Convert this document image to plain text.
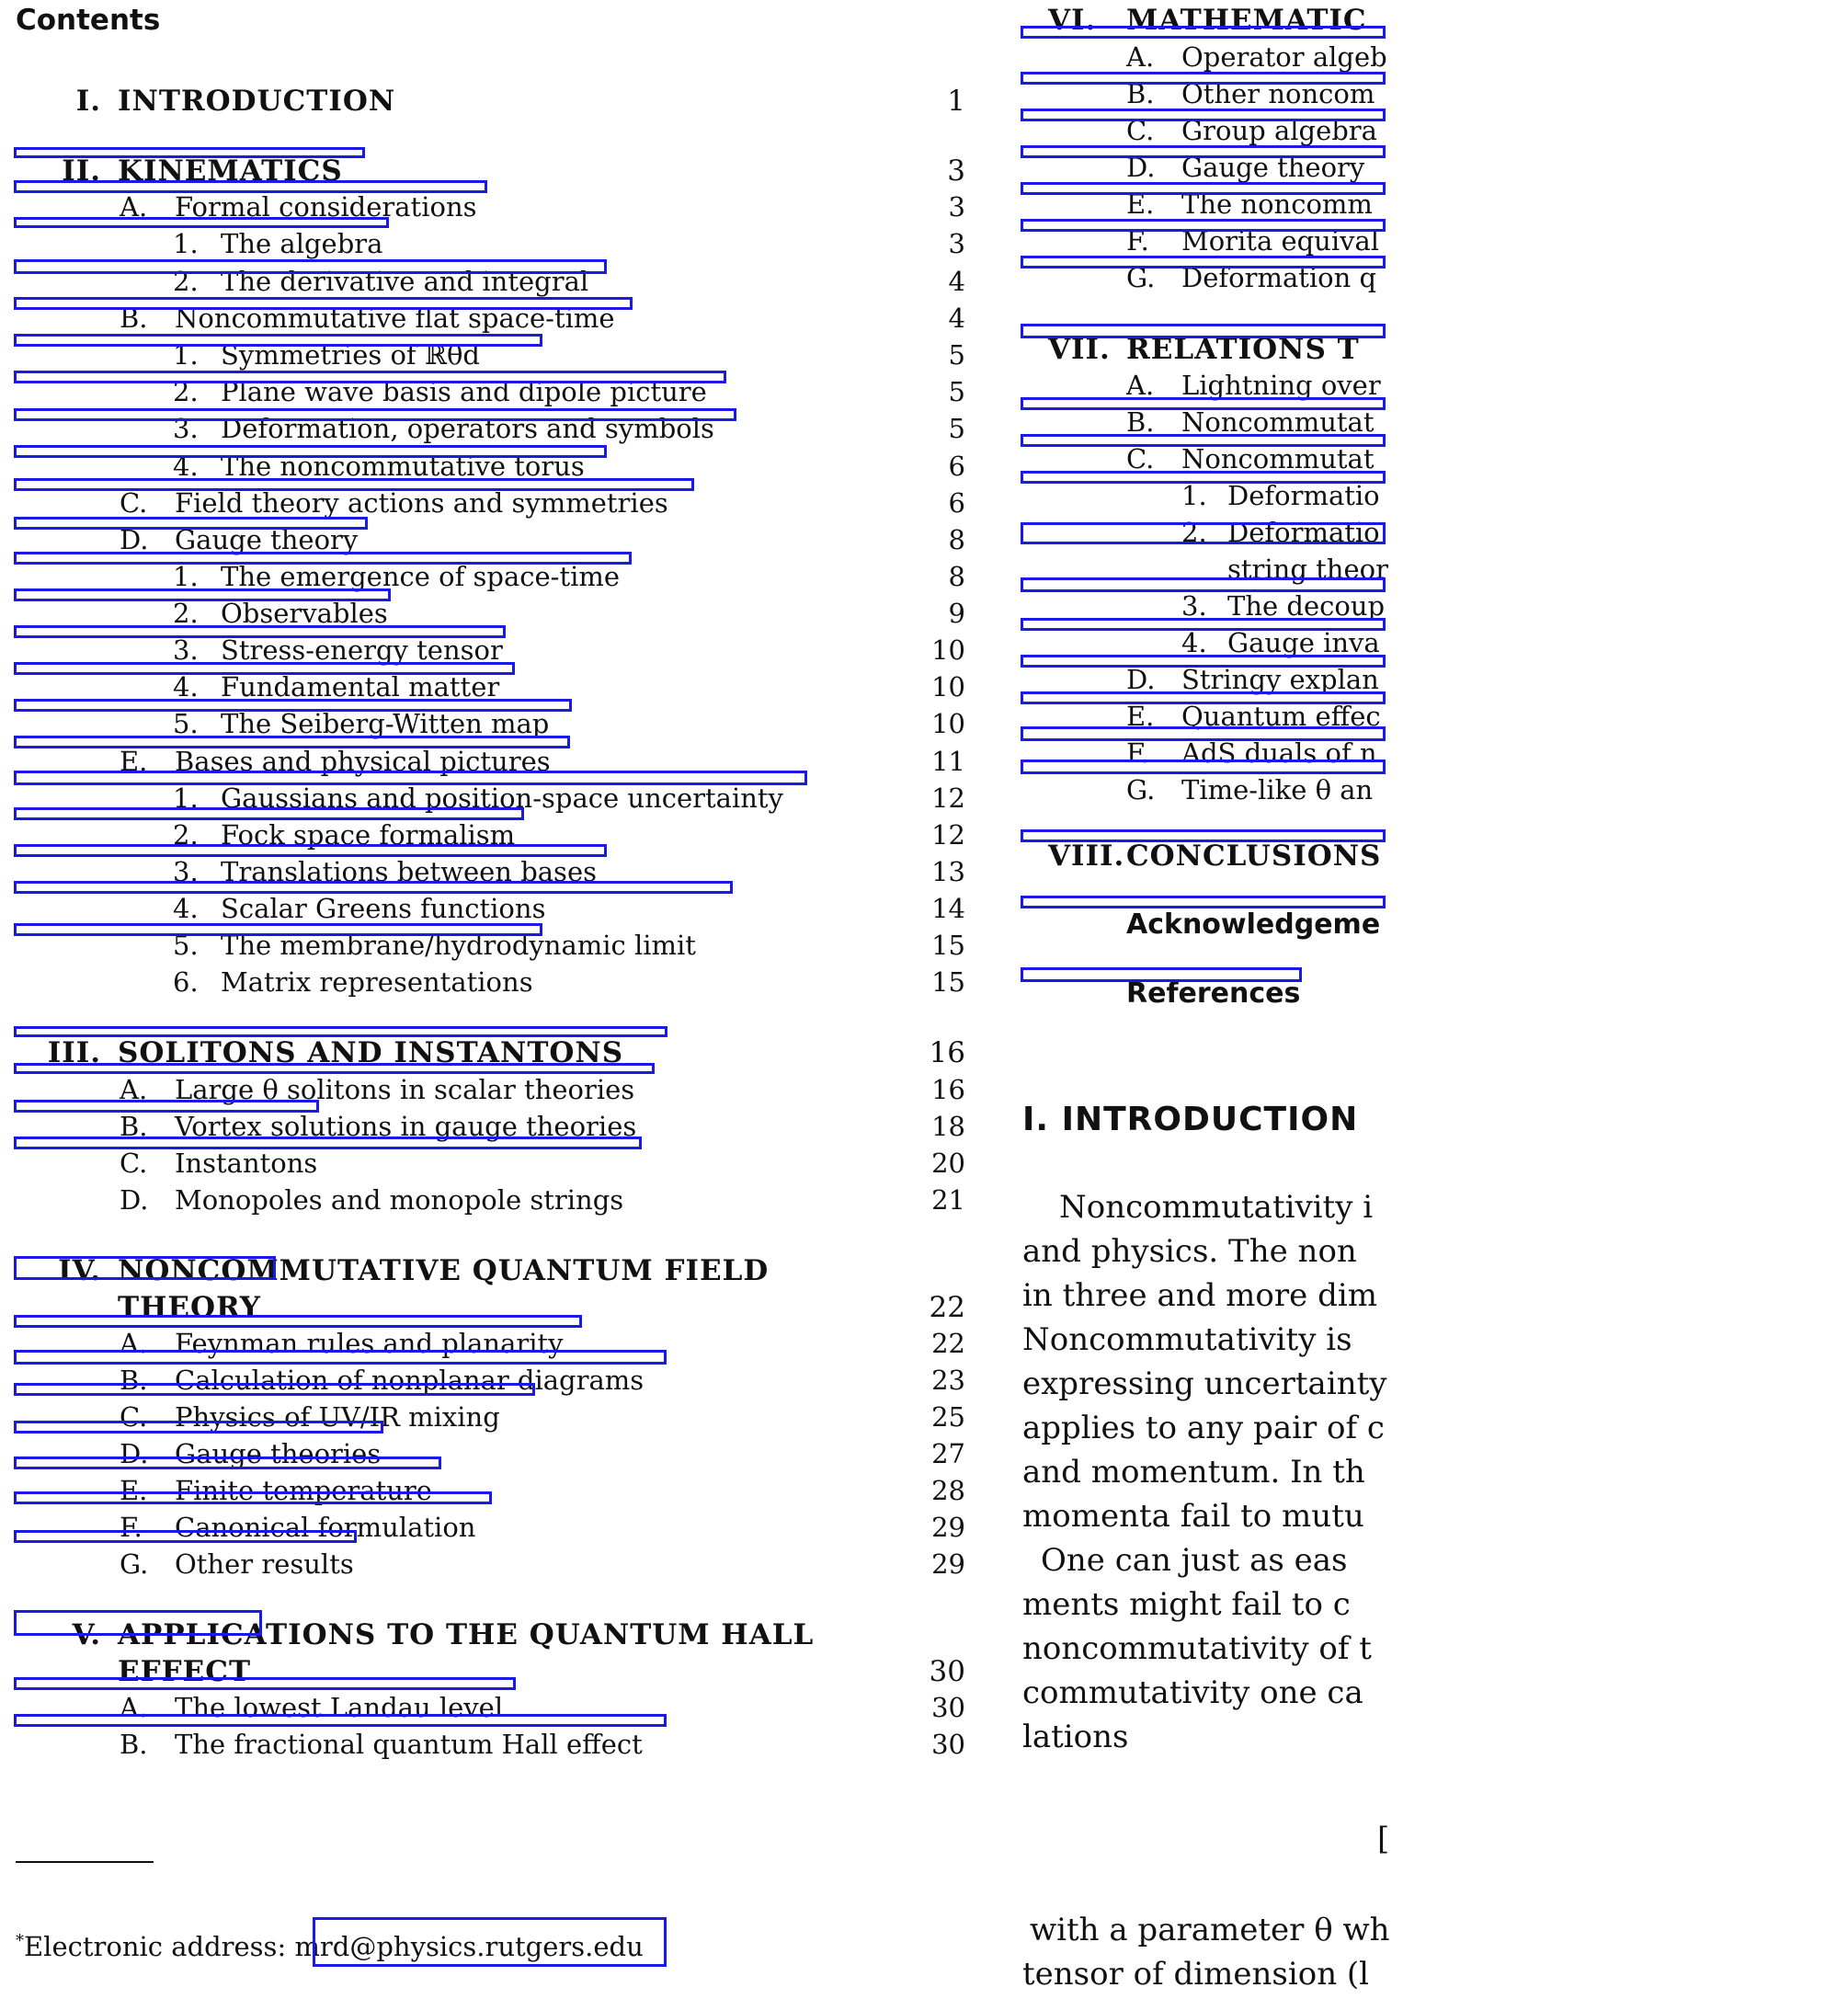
Contents
I. INTRODUCTION	1
II. KINEMATICS	3
A. Formal considerations	3
1. The algebra	3
2. The derivative and integral	4
B. Noncommutative flat space-time	4
1. Symmetries of ℝθd	5
2. Plane wave basis and dipole picture	5
3. Deformation, operators and symbols	5
4. The noncommutative torus	6
C. Field theory actions and symmetries	6
D. Gauge theory	8
1. The emergence of space-time	8
2. Observables	9
3. Stress-energy tensor	10
4. Fundamental matter	10
5. The Seiberg-Witten map	10
E. Bases and physical pictures	11
1. Gaussians and position-space uncertainty	12
2. Fock space formalism	12
3. Translations between bases	13
4. Scalar Greens functions	14
5. The membrane/hydrodynamic limit	15
6. Matrix representations	15
III. SOLITONS AND INSTANTONS	16
A. Large θ solitons in scalar theories	16
B. Vortex solutions in gauge theories	18
C. Instantons	20
D. Monopoles and monopole strings	21
IV. NONCOMMUTATIVE QUANTUM FIELD
THEORY	22
A. Feynman rules and planarity	22
B. Calculation of nonplanar diagrams	23
C. Physics of UV/IR mixing	25
D. Gauge theories	27
E. Finite temperature	28
F. Canonical formulation	29
G. Other results	29
V. APPLICATIONS TO THE QUANTUM HALL
EFFECT	30
A. The lowest Landau level	30
B. The fractional quantum Hall effect	30
VI. MATHEMATIC
A. Operator algeb
B. Other noncom
C. Group algebra
D. Gauge theory
E. The noncomm
F. Morita equival
G. Deformation q
VII. RELATIONS T
A. Lightning over
B. Noncommutat
C. Noncommutat
1. Deformatio
2. Deformatio
string theor
3. The decoup
4. Gauge inva
D. Stringy explan
E. Quantum effec
F. AdS duals of n
G. Time-like θ an
VIII. CONCLUSIONS
Acknowledgeme
References
I. INTRODUCTION
Noncommutativity i
and physics. The non
in three and more dim
Noncommutativity is
expressing uncertainty
applies to any pair of c
and momentum. In th
momenta fail to mutu
One can just as eas
ments might fail to c
noncommutativity of t
commutativity one ca
lations
[
with a parameter θ wh
tensor of dimension (l
*Electronic address: mrd@physics.rutgers.edu
